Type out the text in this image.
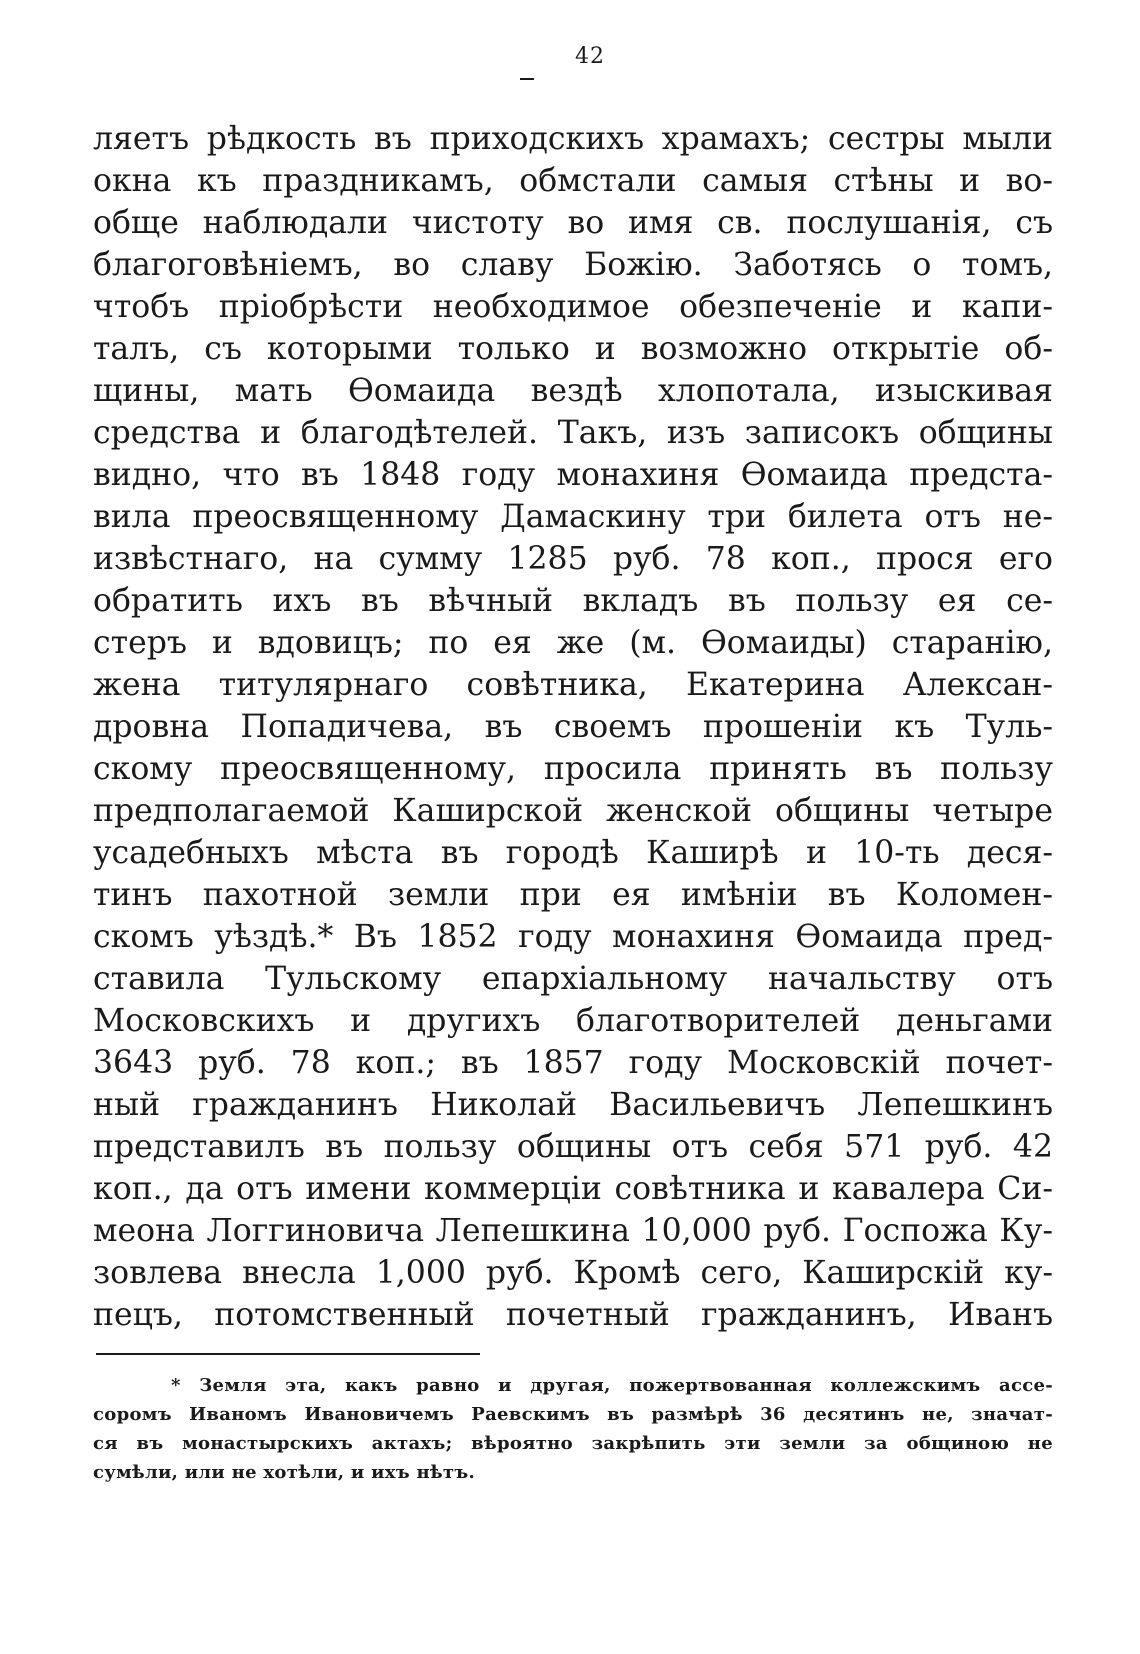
42
ляетъ рѣдкость въ приходскихъ храмахъ; сестры мыли
окна къ праздникамъ, обмстали самыя стѣны и во-
обще наблюдали чистоту во имя св. послушанія, съ
благоговѣніемъ, во славу Божію. Заботясь о томъ,
чтобъ пріобрѣсти необходимое обезпеченіе и капи-
талъ, съ которыми только и возможно открытіе об-
щины, мать Ѳомаида вездѣ хлопотала, изыскивая
средства и благодѣтелей. Такъ, изъ записокъ общины
видно, что въ 1848 году монахиня Ѳомаида предста-
вила преосвященному Дамаскину три билета отъ не-
извѣстнаго, на сумму 1285 руб. 78 коп., прося его
обратить ихъ въ вѣчный вкладъ въ пользу ея се-
стеръ и вдовицъ; по ея же (м. Ѳомаиды) старанію,
жена титулярнаго совѣтника, Екатерина Алексан-
дровна Попадичева, въ своемъ прошеніи къ Туль-
скому преосвященному, просила принять въ пользу
предполагаемой Каширской женской общины четыре
усадебныхъ мѣста въ городѣ Каширѣ и 10-ть деся-
тинъ пахотной земли при ея имѣніи въ Коломен-
скомъ уѣздѣ.* Въ 1852 году монахиня Ѳомаида пред-
ставила Тульскому епархіальному начальству отъ
Московскихъ и другихъ благотворителей деньгами
3643 руб. 78 коп.; въ 1857 году Московскій почет-
ный гражданинъ Николай Васильевичъ Лепешкинъ
представилъ въ пользу общины отъ себя 571 руб. 42
коп., да отъ имени коммерціи совѣтника и кавалера Си-
меона Логгиновича Лепешкина 10,000 руб. Госпожа Ку-
зовлева внесла 1,000 руб. Кромѣ сего, Каширскій ку-
пецъ, потомственный почетный гражданинъ, Иванъ
* Земля эта, какъ равно и другая, пожертвованная коллежскимъ ассе-
соромъ Иваномъ Ивановичемъ Раевскимъ въ размѣрѣ 36 десятинъ не, значат-
ся въ монастырскихъ актахъ; вѣроятно закрѣпить эти земли за общиною не
сумѣли, или не хотѣли, и ихъ нѣтъ.
